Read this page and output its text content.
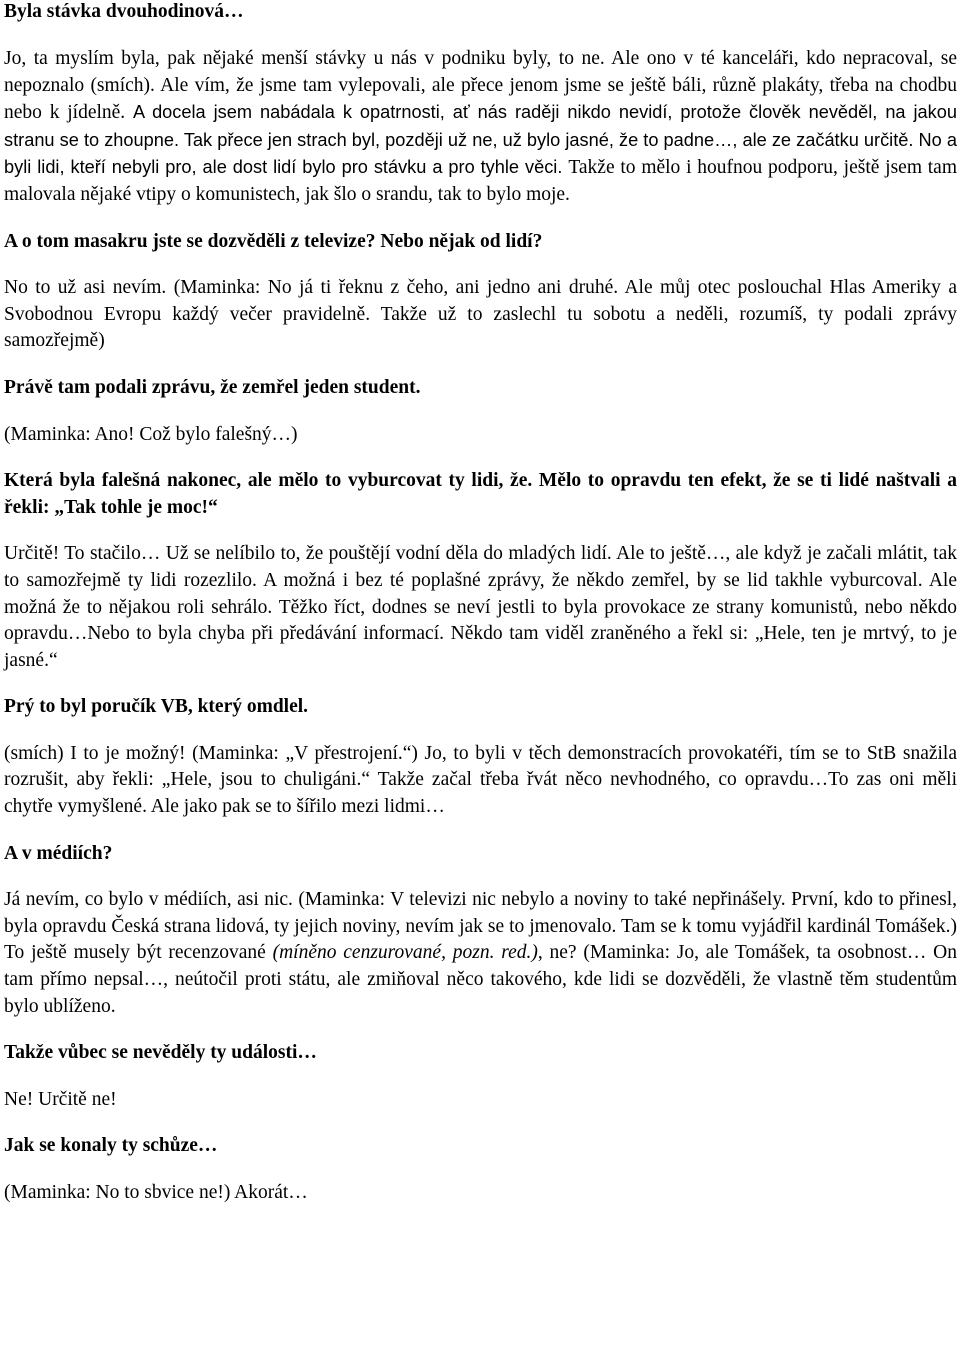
Byla stávka dvouhodinová…

Jo, ta myslím byla, pak nějaké menší stávky u nás v podniku byly, to ne. Ale ono v té kanceláři, kdo nepracoval, se nepoznalo (smích). Ale vím, že jsme tam vylepovali, ale přece jenom jsme se ještě báli, různě plakáty, třeba na chodbu nebo k jídelně. A docela jsem nabádala k opatrnosti, ať nás raději nikdo nevidí, protože člověk nevěděl, na jakou stranu se to zhoupne. Tak přece jen strach byl, později už ne, už bylo jasné, že to padne…, ale ze začátku určitě. No a byli lidi, kteří nebyli pro, ale dost lidí bylo pro stávku a pro tyhle věci. Takže to mělo i houfnou podporu, ještě jsem tam malovala nějaké vtipy o komunistech, jak šlo o srandu, tak to bylo moje.

A o tom masakru jste se dozvěděli z televize? Nebo nějak od lidí?

No to už asi nevím. (Maminka: No já ti řeknu z čeho, ani jedno ani druhé. Ale můj otec poslouchal Hlas Ameriky a Svobodnou Evropu každý večer pravidelně. Takže už to zaslechl tu sobotu a neděli, rozumíš, ty podali zprávy samozřejmě)

Právě tam podali zprávu, že zemřel jeden student.

(Maminka: Ano! Což bylo falešný…)

Která byla falešná nakonec, ale mělo to vyburcovat ty lidi, že. Mělo to opravdu ten efekt, že se ti lidé naštvali a řekli: „Tak tohle je moc!“

Určitě! To stačilo… Už se nelíbilo to, že pouštějí vodní děla do mladých lidí. Ale to ještě…, ale když je začali mlátit, tak to samozřejmě ty lidi rozezlilo. A možná i bez té poplašné zprávy, že někdo zemřel, by se lid takhle vyburcoval. Ale možná že to nějakou roli sehrálo. Těžko říct, dodnes se neví jestli to byla provokace ze strany komunistů, nebo někdo opravdu…Nebo to byla chyba při předávání informací. Někdo tam viděl zraněného a řekl si: „Hele, ten je mrtvý, to je jasné.“

Prý to byl poručík VB, který omdlel.

(smích) I to je možný! (Maminka: „V přestrojení.“) Jo, to byli v těch demonstracích provokatéři, tím se to StB snažila rozrušit, aby řekli: „Hele, jsou to chuligáni.“ Takže začal třeba řvát něco nevhodného, co opravdu…To zas oni měli chytře vymyšlené. Ale jako pak se to šířilo mezi lidmi…

A v médiích?

Já nevím, co bylo v médiích, asi nic. (Maminka: V televizi nic nebylo a noviny to také nepřinášely. První, kdo to přinesl, byla opravdu Česká strana lidová, ty jejich noviny, nevím jak se to jmenovalo. Tam se k tomu vyjádřil kardinál Tomášek.) To ještě musely být recenzované (míněno cenzurované, pozn. red.), ne? (Maminka: Jo, ale Tomášek, ta osobnost… On tam přímo nepsal…, neútočil proti státu, ale zmiňoval něco takového, kde lidi se dozvěděli, že vlastně těm studentům bylo ublíženo.

Takže vůbec se nevěděly ty události…

Ne! Určitě ne!

Jak se konaly ty schůze…

(Maminka: No to sbvice ne!) Akorát…
